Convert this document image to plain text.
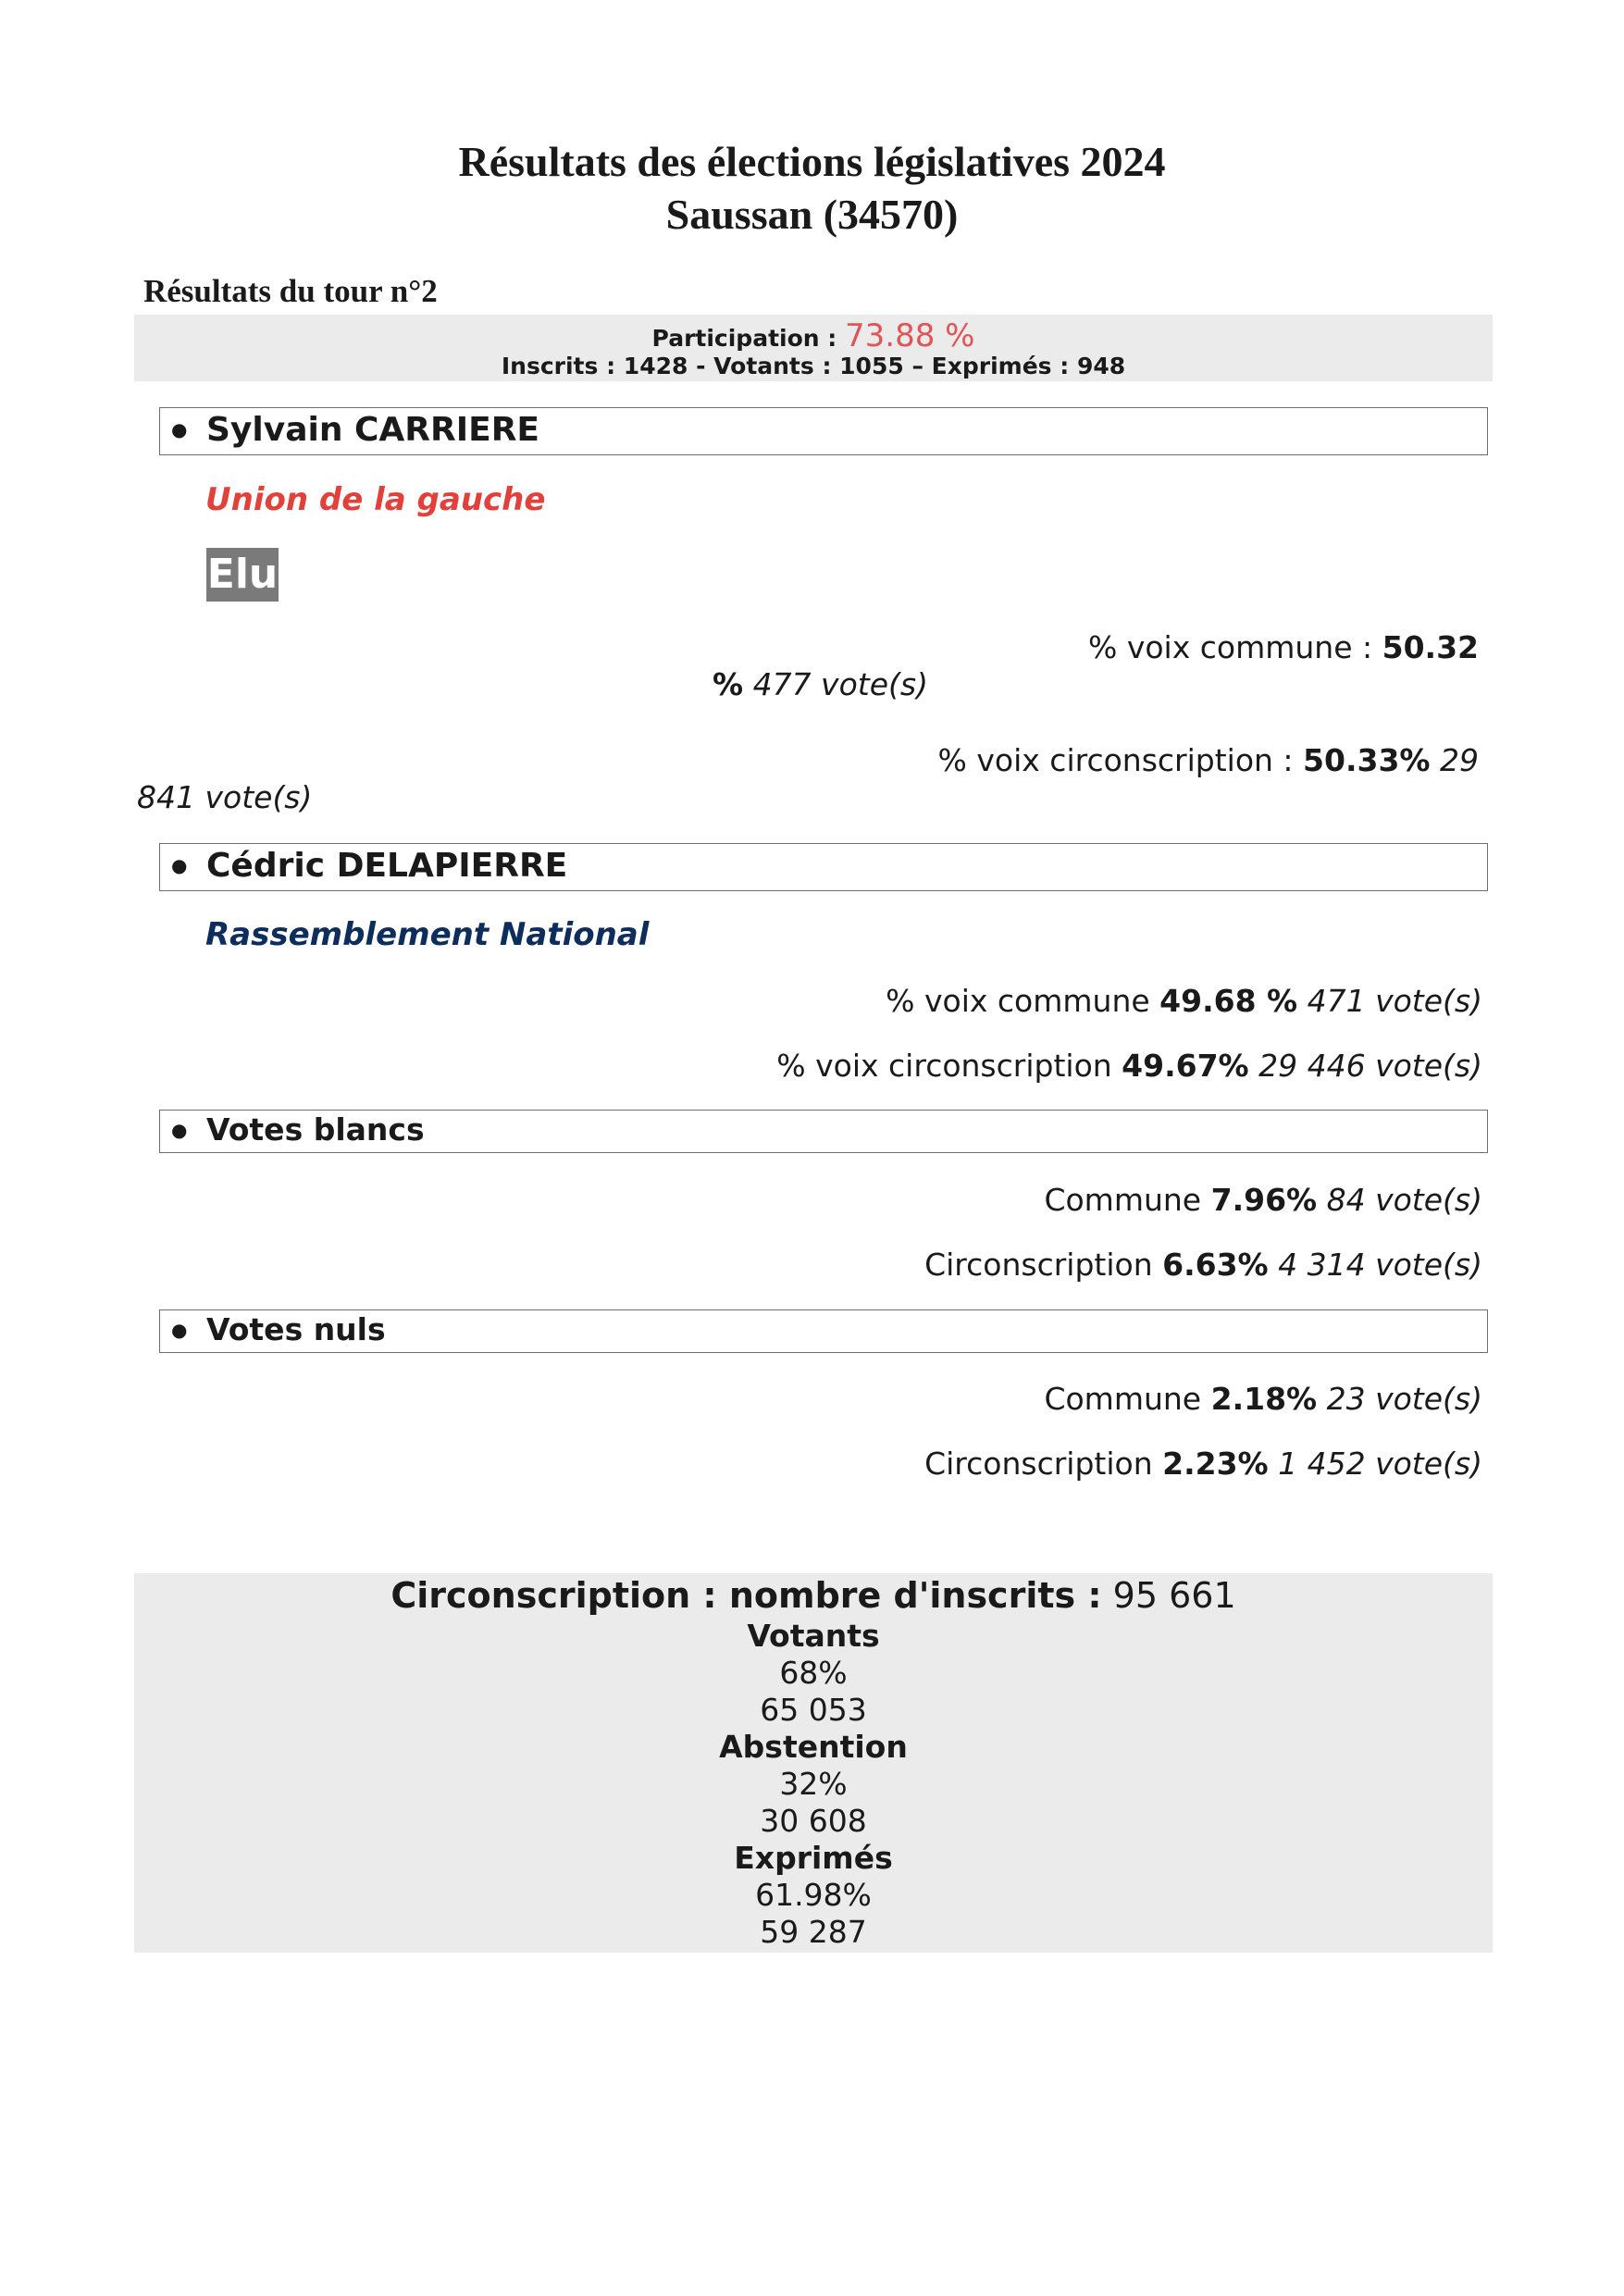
Résultats des élections législatives 2024
Saussan (34570)
Résultats du tour n°2
Participation : 73.88 %
Inscrits : 1428 - Votants : 1055 – Exprimés : 948
● Sylvain CARRIERE
Union de la gauche
Elu
% voix commune : 50.32
% 477 vote(s)
% voix circonscription : 50.33% 29
841 vote(s)
● Cédric DELAPIERRE
Rassemblement National
% voix commune 49.68 % 471 vote(s)
% voix circonscription 49.67% 29 446 vote(s)
● Votes blancs
Commune 7.96% 84 vote(s)
Circonscription 6.63% 4 314 vote(s)
● Votes nuls
Commune 2.18% 23 vote(s)
Circonscription 2.23% 1 452 vote(s)
Circonscription : nombre d'inscrits : 95 661
Votants
68%
65 053
Abstention
32%
30 608
Exprimés
61.98%
59 287
